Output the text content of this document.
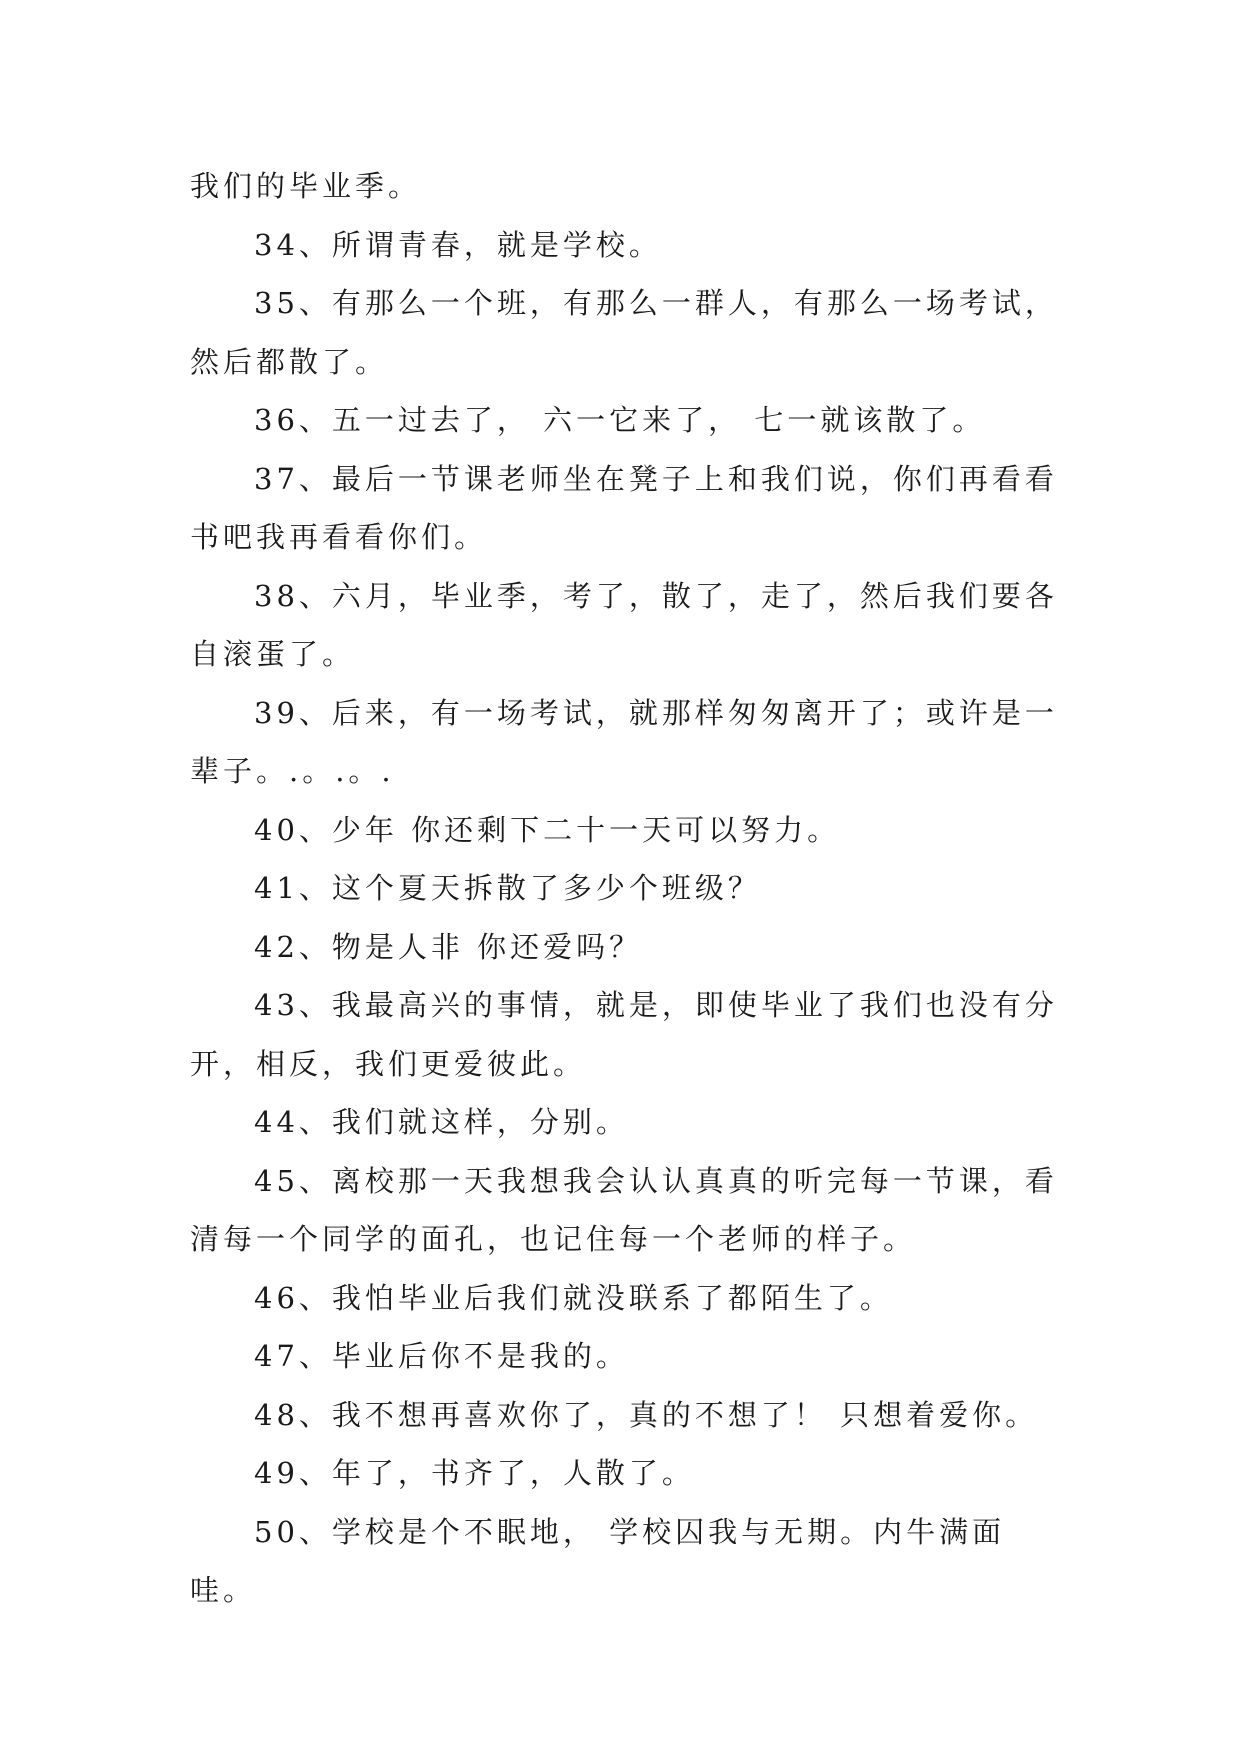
我们的毕业季。

34、所谓青春，就是学校。

35、有那么一个班，有那么一群人，有那么一场考试，然后都散了。

36、五一过去了， 六一它来了， 七一就该散了。

37、最后一节课老师坐在凳子上和我们说，你们再看看书吧我再看看你们。

38、六月，毕业季，考了，散了，走了，然后我们要各自滚蛋了。

39、后来，有一场考试，就那样匆匆离开了；或许是一辈子。.。.。.

40、少年 你还剩下二十一天可以努力。

41、这个夏天拆散了多少个班级？

42、物是人非 你还爱吗？

43、我最高兴的事情，就是，即使毕业了我们也没有分开，相反，我们更爱彼此。

44、我们就这样，分别。

45、离校那一天我想我会认认真真的听完每一节课，看清每一个同学的面孔，也记住每一个老师的样子。

46、我怕毕业后我们就没联系了都陌生了。

47、毕业后你不是我的。

48、我不想再喜欢你了，真的不想了！ 只想着爱你。

49、年了，书齐了，人散了。

50、学校是个不眠地， 学校囚我与无期。内牛满面哇。
